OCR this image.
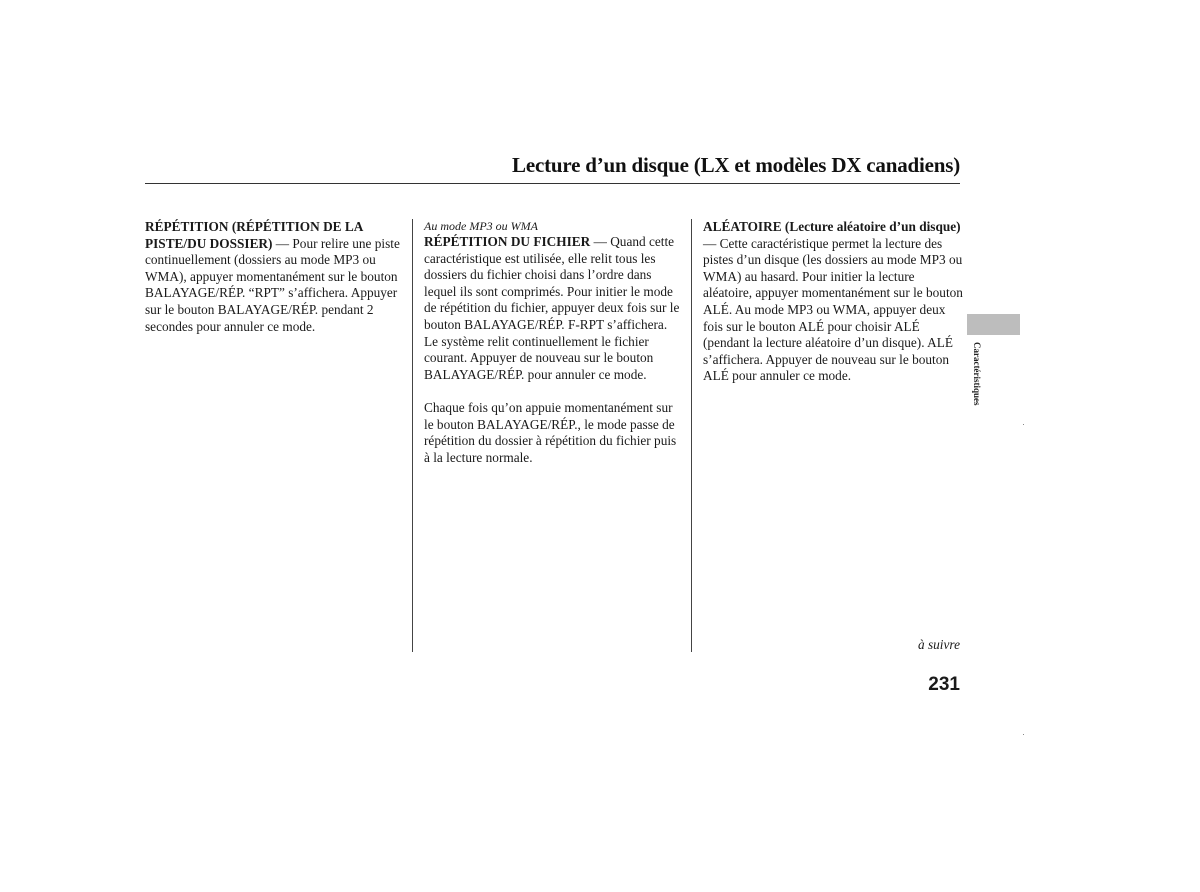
Lecture d’un disque (LX et modèles DX canadiens)

RÉPÉTITION (RÉPÉTITION DE LA PISTE/DU DOSSIER) — Pour relire une piste continuellement (dossiers au mode MP3 ou WMA), appuyer momentanément sur le bouton BALAYAGE/RÉP. “RPT” s’affichera. Appuyer sur le bouton BALAYAGE/RÉP. pendant 2 secondes pour annuler ce mode.

Au mode MP3 ou WMA

RÉPÉTITION DU FICHIER — Quand cette caractéristique est utilisée, elle relit tous les dossiers du fichier choisi dans l’ordre dans lequel ils sont comprimés. Pour initier le mode de répétition du fichier, appuyer deux fois sur le bouton BALAYAGE/RÉP. F-RPT s’affichera. Le système relit continuellement le fichier courant. Appuyer de nouveau sur le bouton BALAYAGE/RÉP. pour annuler ce mode.

Chaque fois qu’on appuie momentanément sur le bouton BALAYAGE/RÉP., le mode passe de répétition du dossier à répétition du fichier puis à la lecture normale.

ALÉATOIRE (Lecture aléatoire d’un disque) — Cette caractéristique permet la lecture des pistes d’un disque (les dossiers au mode MP3 ou WMA) au hasard. Pour initier la lecture aléatoire, appuyer momentanément sur le bouton ALÉ. Au mode MP3 ou WMA, appuyer deux fois sur le bouton ALÉ pour choisir ALÉ (pendant la lecture aléatoire d’un disque). ALÉ s’affichera. Appuyer de nouveau sur le bouton ALÉ pour annuler ce mode.	Caractéristiques
à suivre
231
